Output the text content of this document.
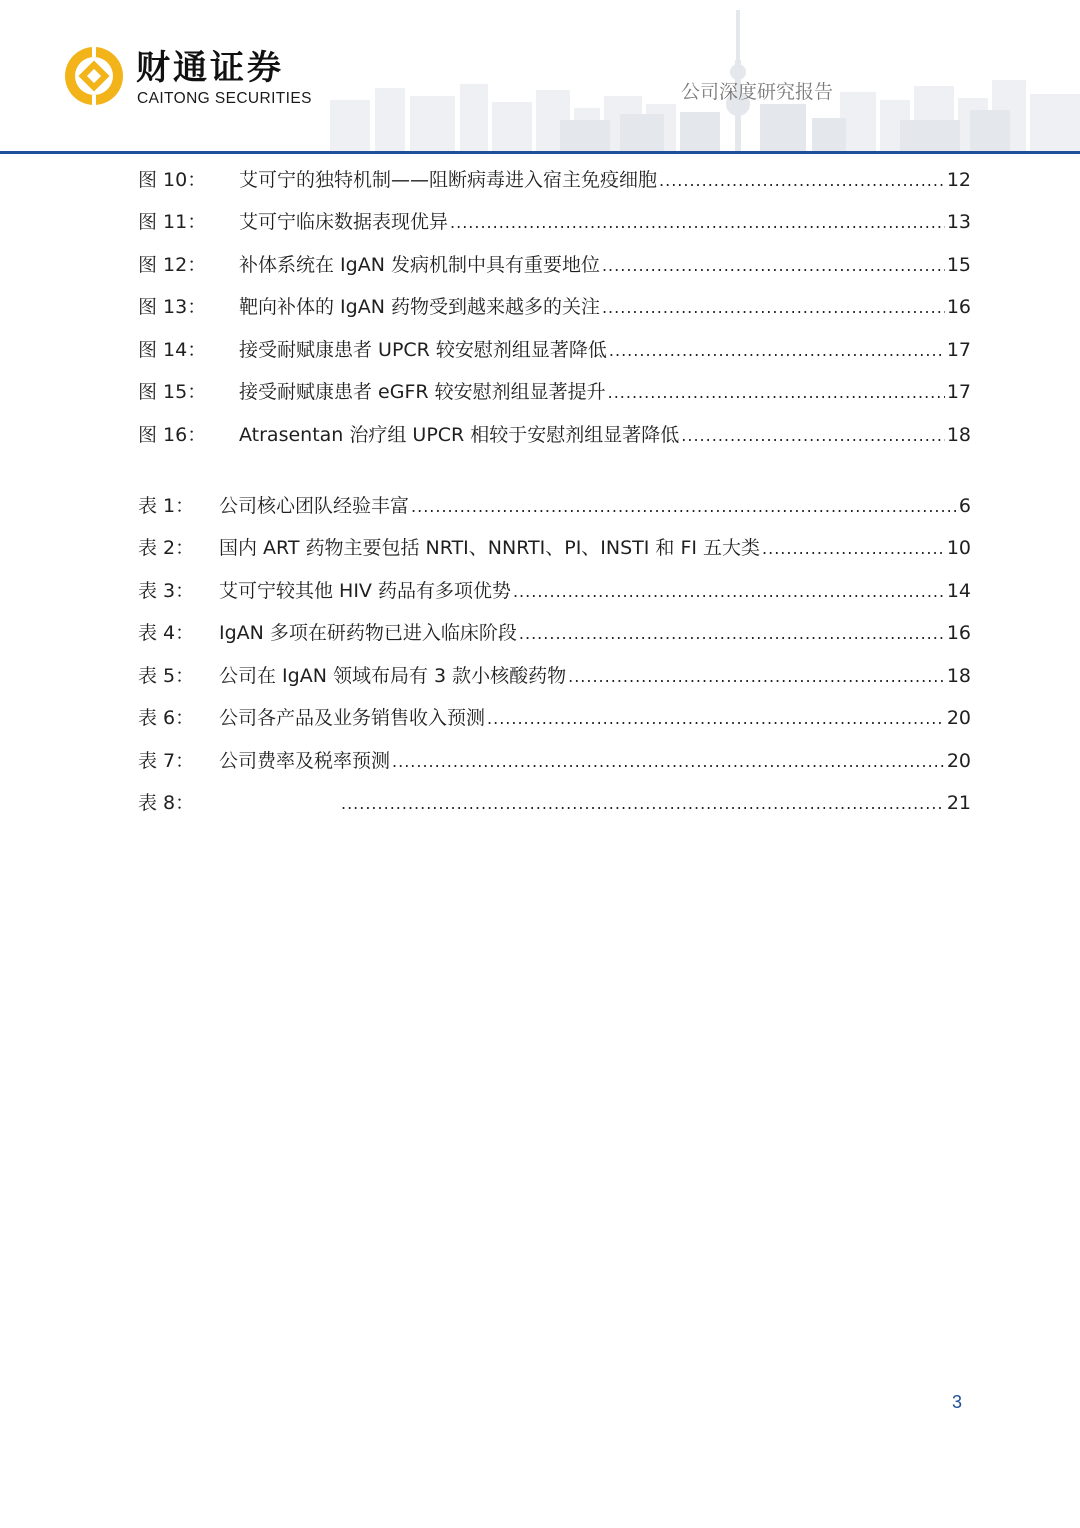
财通证券
CAITONG SECURITIES	公司深度研究报告
图 10：	艾可宁的独特机制——阻断病毒进入宿主免疫细胞 .....	12
图 11：	艾可宁临床数据表现优异 .....	13
图 12：	补体系统在 IgAN 发病机制中具有重要地位 .....	15
图 13：	靶向补体的 IgAN 药物受到越来越多的关注 .....	16
图 14：	接受耐赋康患者 UPCR 较安慰剂组显著降低 .....	17
图 15：	接受耐赋康患者 eGFR 较安慰剂组显著提升 .....	17
图 16：	Atrasentan 治疗组 UPCR 相较于安慰剂组显著降低 .....	18
表 1：	公司核心团队经验丰富 .....	6
表 2：	国内 ART 药物主要包括 NRTI、NNRTI、PI、INSTI 和 FI 五大类 .....	10
表 3：	艾可宁较其他 HIV 药品有多项优势 .....	14
表 4：	IgAN 多项在研药物已进入临床阶段 .....	16
表 5：	公司在 IgAN 领域布局有 3 款小核酸药物 .....	18
表 6：	公司各产品及业务销售收入预测 .....	20
表 7：	公司费率及税率预测 .....	20
表 8： .....	21
3
